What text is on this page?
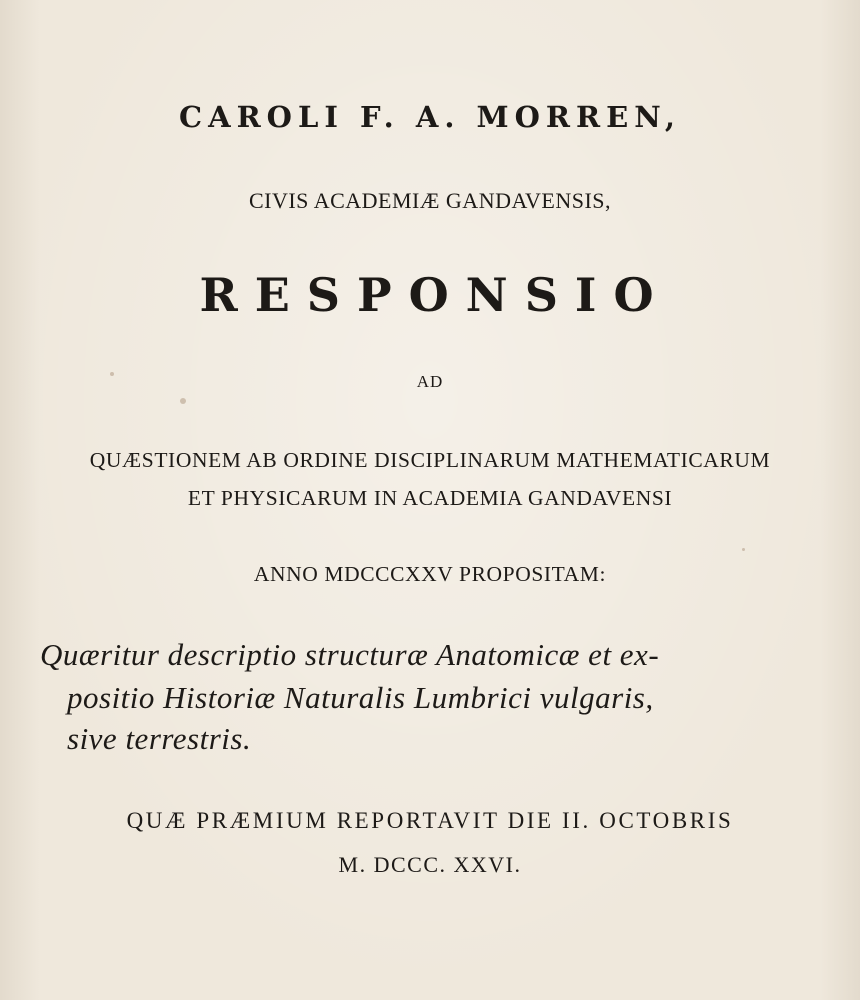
CAROLI F. A. MORREN,
CIVIS ACADEMIÆ GANDAVENSIS,
RESPONSIO
AD
QUÆSTIONEM AB ORDINE DISCIPLINARUM MATHEMATICARUM
ET PHYSICARUM IN ACADEMIA GANDAVENSI
ANNO MDCCCXXV PROPOSITAM:
Quæritur descriptio structuræ Anatomicæ et ex-
positio Historiæ Naturalis Lumbrici vulgaris,
sive terrestris.
QUÆ PRÆMIUM REPORTAVIT DIE II. OCTOBRIS
M. DCCC. XXVI.
